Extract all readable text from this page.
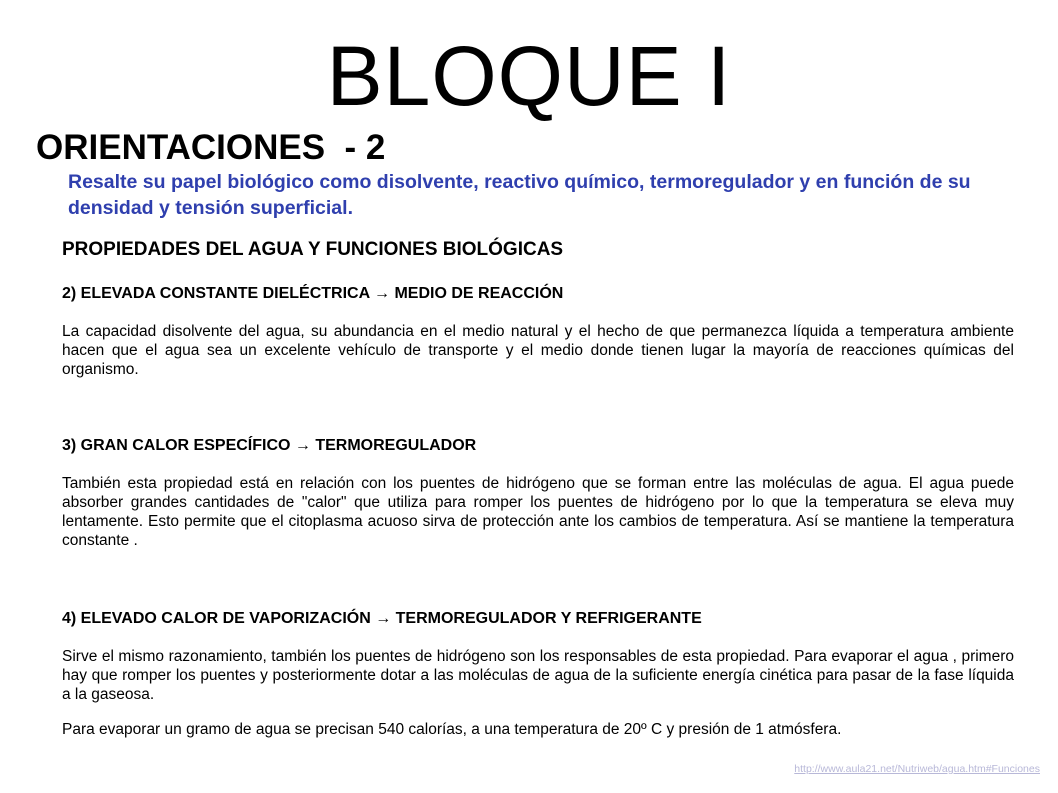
BLOQUE I
ORIENTACIONES  - 2
Resalte su papel biológico como disolvente, reactivo químico, termoregulador y en función de su densidad y tensión superficial.
PROPIEDADES DEL AGUA Y FUNCIONES BIOLÓGICAS
2) ELEVADA CONSTANTE DIELÉCTRICA → MEDIO DE REACCIÓN
La capacidad disolvente del agua, su abundancia en el medio natural y el hecho de que permanezca líquida a temperatura ambiente hacen que el agua sea un excelente vehículo de transporte y el medio donde tienen lugar la mayoría de reacciones químicas del organismo.
3) GRAN CALOR ESPECÍFICO → TERMOREGULADOR
También esta propiedad está en relación con los puentes de hidrógeno que se forman entre las moléculas de agua. El agua puede absorber grandes cantidades de "calor" que utiliza para romper los puentes de hidrógeno por lo que la temperatura se eleva muy lentamente. Esto permite que el citoplasma acuoso sirva de protección ante los cambios de temperatura. Así se mantiene la temperatura constante .
4) ELEVADO CALOR DE VAPORIZACIÓN → TERMOREGULADOR Y REFRIGERANTE
Sirve el mismo razonamiento, también los puentes de hidrógeno son los responsables de esta propiedad. Para evaporar el agua , primero hay que romper los puentes y posteriormente dotar a las moléculas de agua de la suficiente energía cinética para pasar de la fase líquida a la gaseosa.
Para evaporar un gramo de agua se precisan 540 calorías, a una temperatura de 20º C y presión de 1 atmósfera.
http://www.aula21.net/Nutriweb/agua.htm#Funciones
